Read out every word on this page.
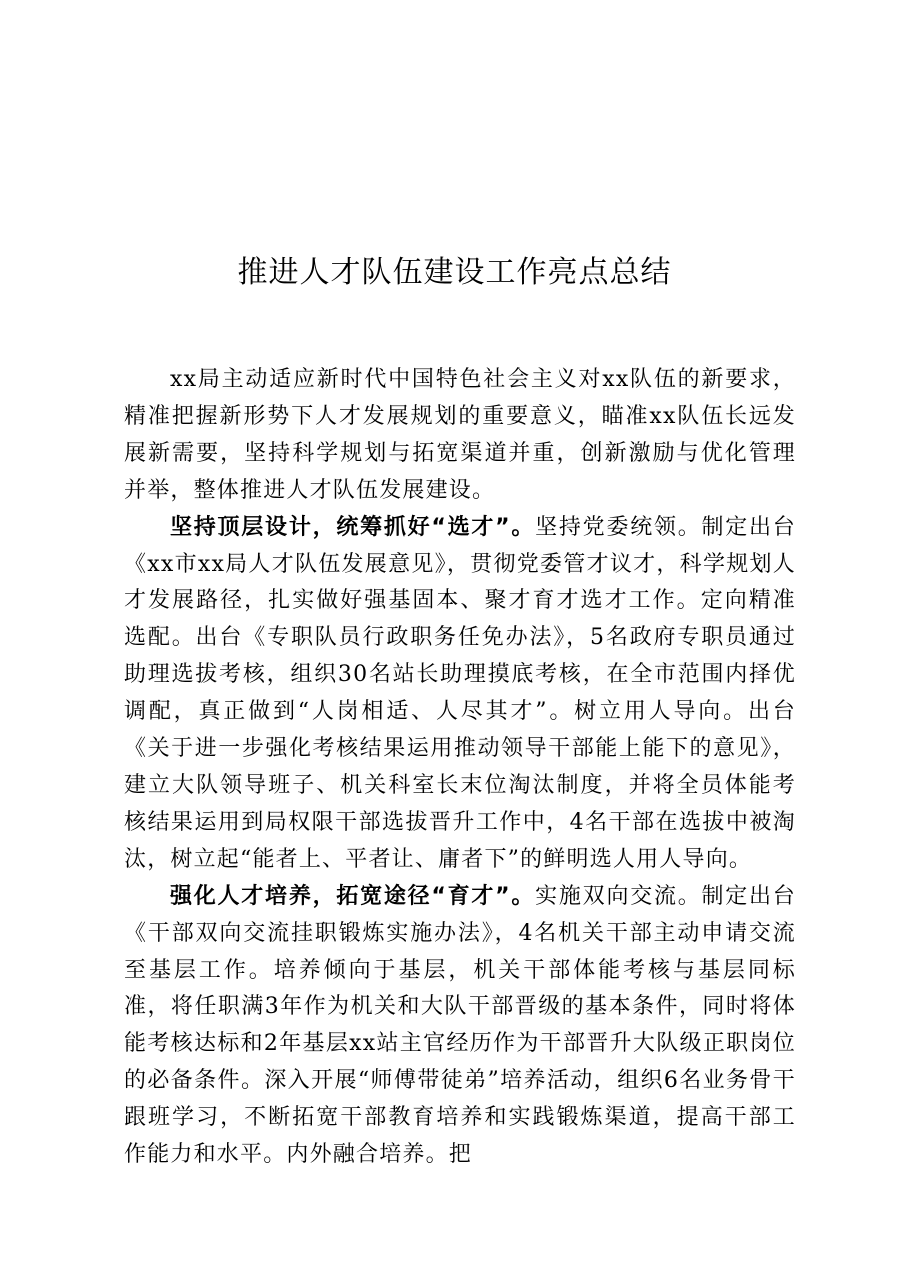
推进人才队伍建设工作亮点总结

xx局主动适应新时代中国特色社会主义对xx队伍的新要求，精准把握新形势下人才发展规划的重要意义，瞄准xx队伍长远发展新需要，坚持科学规划与拓宽渠道并重，创新激励与优化管理并举，整体推进人才队伍发展建设。

坚持顶层设计，统筹抓好“选才”。坚持党委统领。制定出台《xx市xx局人才队伍发展意见》，贯彻党委管才议才，科学规划人才发展路径，扎实做好强基固本、聚才育才选才工作。定向精准选配。出台《专职队员行政职务任免办法》，5名政府专职员通过助理选拔考核，组织30名站长助理摸底考核，在全市范围内择优调配，真正做到“人岗相适、人尽其才”。树立用人导向。出台《关于进一步强化考核结果运用推动领导干部能上能下的意见》，建立大队领导班子、机关科室长末位淘汰制度，并将全员体能考核结果运用到局权限干部选拔晋升工作中，4名干部在选拔中被淘汰，树立起“能者上、平者让、庸者下”的鲜明选人用人导向。

强化人才培养，拓宽途径“育才”。实施双向交流。制定出台《干部双向交流挂职锻炼实施办法》，4名机关干部主动申请交流至基层工作。培养倾向于基层，机关干部体能考核与基层同标准，将任职满3年作为机关和大队干部晋级的基本条件，同时将体能考核达标和2年基层xx站主官经历作为干部晋升大队级正职岗位的必备条件。深入开展“师傅带徒弟”培养活动，组织6名业务骨干跟班学习，不断拓宽干部教育培养和实践锻炼渠道，提高干部工作能力和水平。内外融合培养。把
